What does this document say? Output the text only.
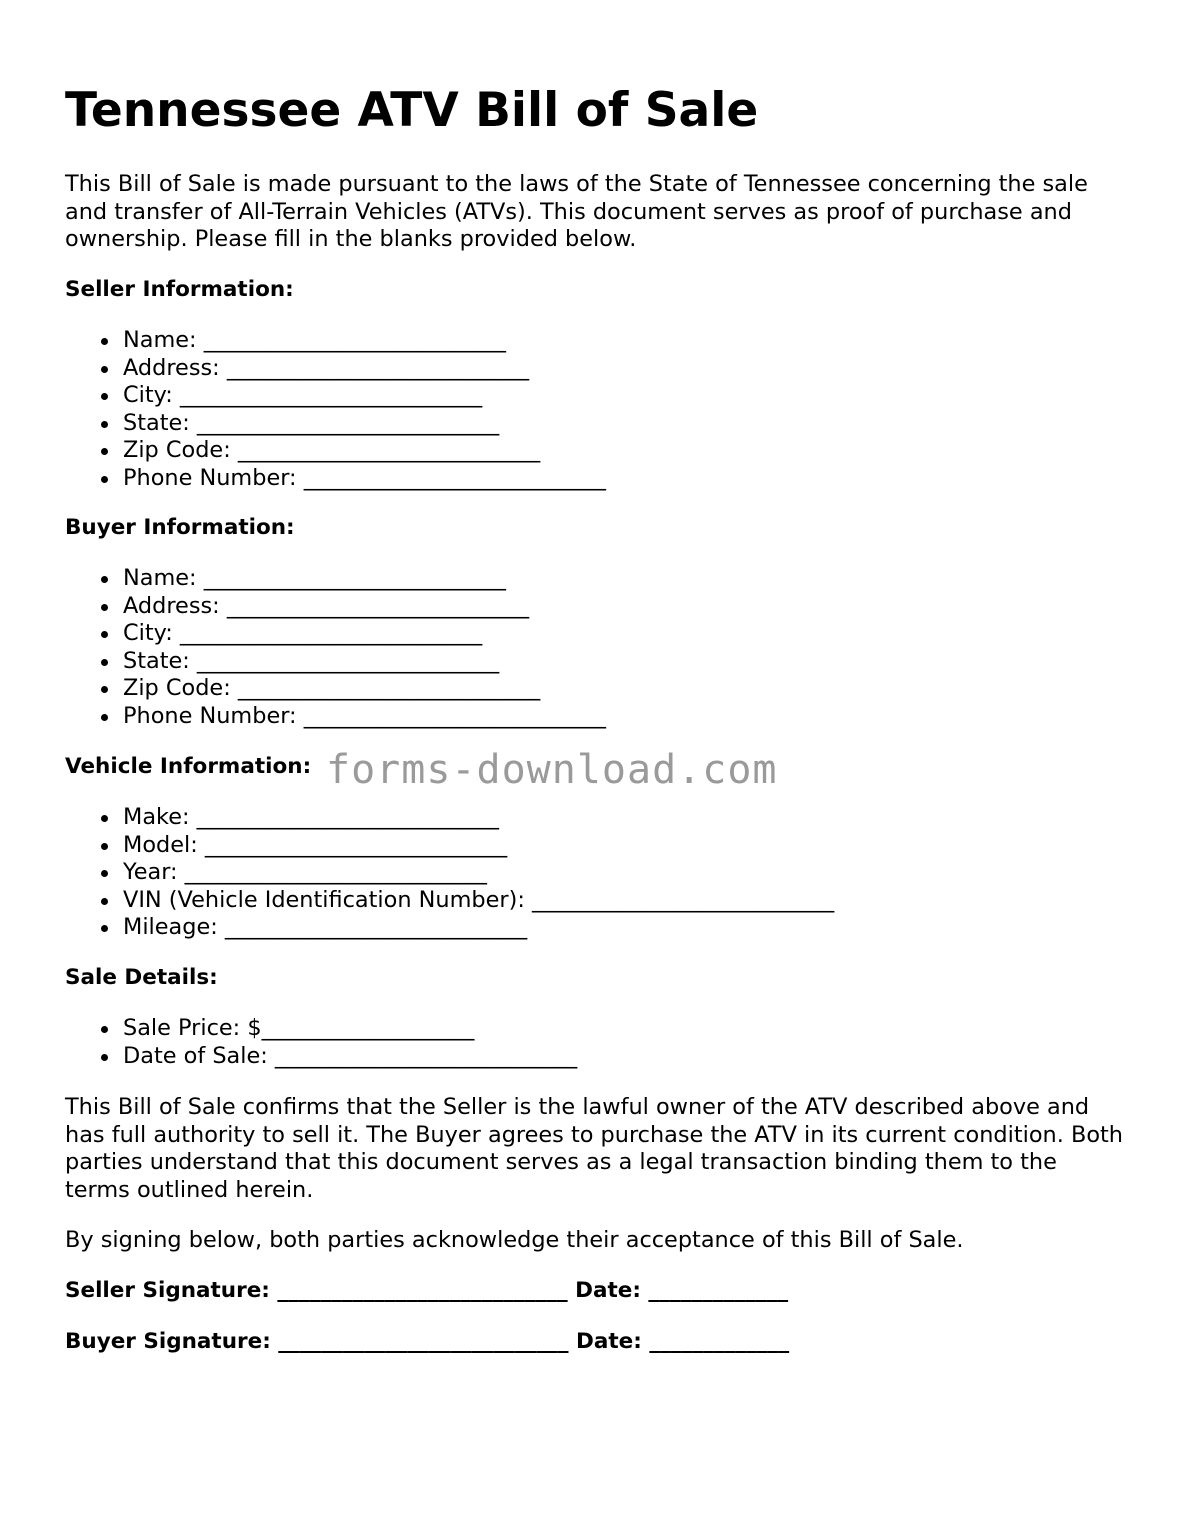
Tennessee ATV Bill of Sale

This Bill of Sale is made pursuant to the laws of the State of Tennessee concerning the sale and transfer of All-Terrain Vehicles (ATVs). This document serves as proof of purchase and ownership. Please fill in the blanks provided below.

Seller Information:

Name: ___________________________
Address: ___________________________
City: ___________________________
State: ___________________________
Zip Code: ___________________________
Phone Number: ___________________________

Buyer Information:

Name: ___________________________
Address: ___________________________
City: ___________________________
State: ___________________________
Zip Code: ___________________________
Phone Number: ___________________________

Vehicle Information:

Make: ___________________________
Model: ___________________________
Year: ___________________________
VIN (Vehicle Identification Number): ___________________________
Mileage: ___________________________

Sale Details:

Sale Price: $___________________
Date of Sale: ___________________________

This Bill of Sale confirms that the Seller is the lawful owner of the ATV described above and has full authority to sell it. The Buyer agrees to purchase the ATV in its current condition. Both parties understand that this document serves as a legal transaction binding them to the terms outlined herein.

By signing below, both parties acknowledge their acceptance of this Bill of Sale.

Seller Signature: ___________________________ Date: _____________

Buyer Signature: ___________________________ Date: _____________

forms-download.com
